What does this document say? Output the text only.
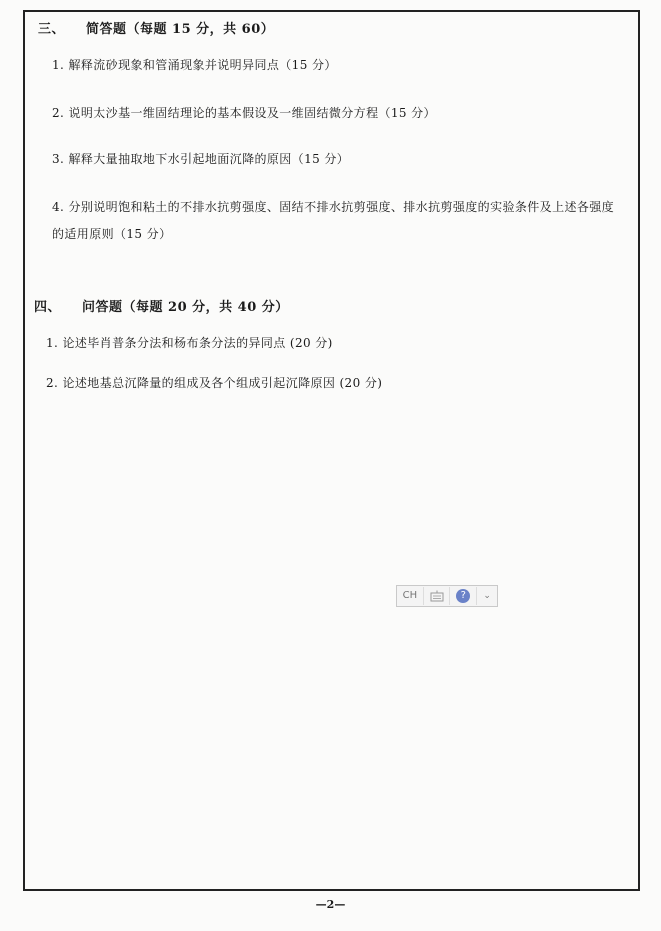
三、 简答题（每题 15 分，共 60）
1. 解释流砂现象和管涌现象并说明异同点（15 分）
2. 说明太沙基一维固结理论的基本假设及一维固结微分方程（15 分）
3. 解释大量抽取地下水引起地面沉降的原因（15 分）
4. 分别说明饱和粘土的不排水抗剪强度、固结不排水抗剪强度、排水抗剪强度的实验条件及上述各强度的适用原则（15 分）
四、 问答题（每题 20 分，共 40 分）
1. 论述毕肖普条分法和杨布条分法的异同点 (20 分)
2. 论述地基总沉降量的组成及各个组成引起沉降原因 (20 分)
CH	?	⌄
—2—
